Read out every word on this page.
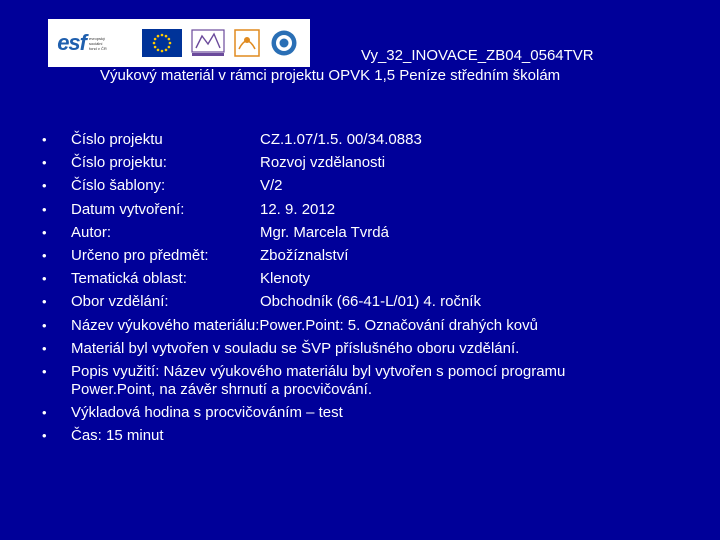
esf evropský
sociální
fond v ČR	Vy_32_INOVACE_ZB04_0564TVR
Výukový materiál v rámci projektu OPVK 1,5 Peníze středním školám
•	Číslo projektu	CZ.1.07/1.5. 00/34.0883
•	Číslo projektu:	Rozvoj vzdělanosti
•	Číslo šablony:	V/2
•	Datum vytvoření:	12. 9. 2012
•	Autor:	Mgr. Marcela Tvrdá
•	Určeno pro předmět:	Zbožíznalství
•	Tematická oblast:	Klenoty
•	Obor vzdělání:	Obchodník (66-41-L/01) 4. ročník
•	Název výukového materiálu:Power.Point: 5. Označování drahých kovů
•	Materiál byl vytvořen v souladu se ŠVP příslušného oboru vzdělání.
•	Popis využití: Název výukového materiálu byl vytvořen s pomocí programu
Power.Point, na závěr shrnutí a procvičování.
•	Výkladová hodina s procvičováním – test
•	Čas: 15 minut
